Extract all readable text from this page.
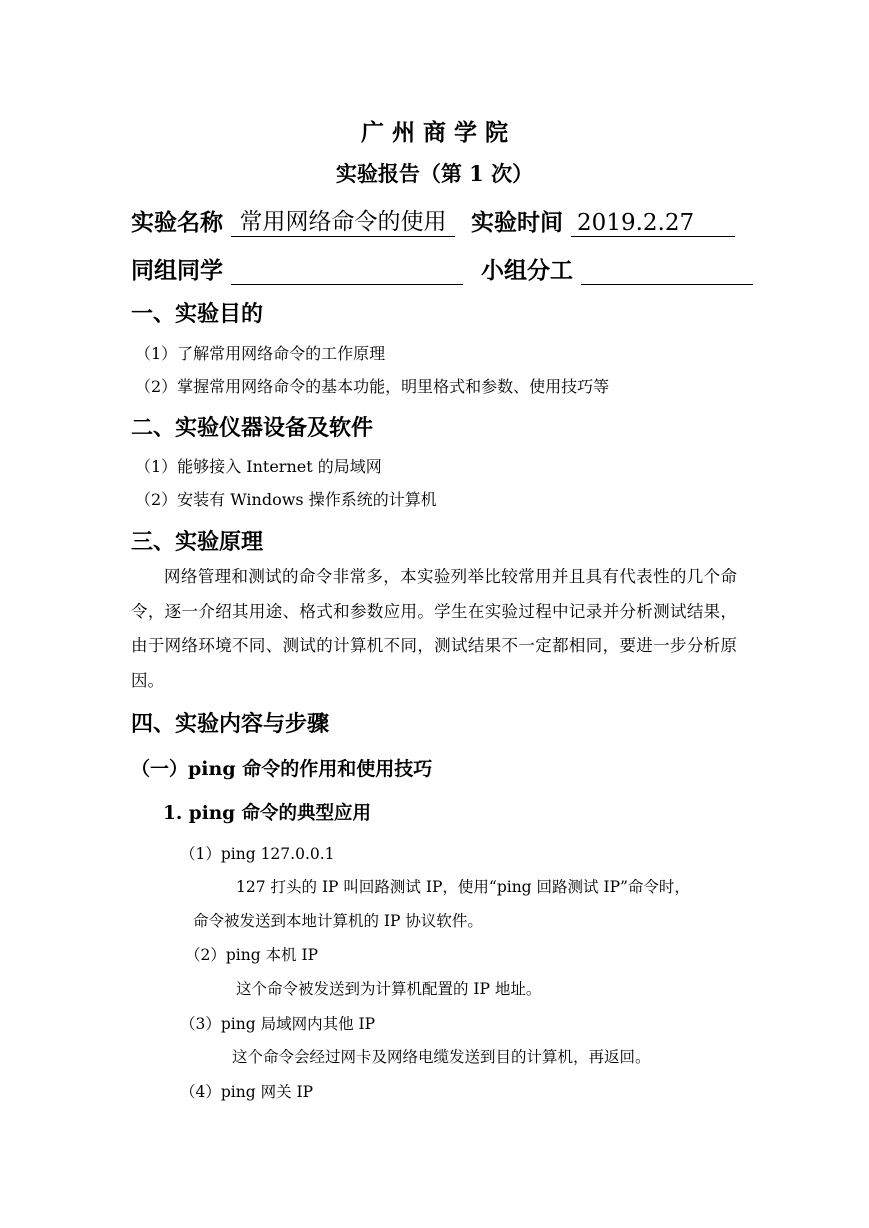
广 州 商 学 院
实验报告（第 1 次）
实验名称 常用网络命令的使用 实验时间 2019.2.27
同组同学	小组分工
一、实验目的
（1）了解常用网络命令的工作原理
（2）掌握常用网络命令的基本功能，明里格式和参数、使用技巧等
二、实验仪器设备及软件
（1）能够接入 Internet 的局域网
（2）安装有 Windows 操作系统的计算机
三、实验原理
网络管理和测试的命令非常多，本实验列举比较常用并且具有代表性的几个命令，逐一介绍其用途、格式和参数应用。学生在实验过程中记录并分析测试结果，由于网络环境不同、测试的计算机不同，测试结果不一定都相同，要进一步分析原因。
四、实验内容与步骤
（一）ping 命令的作用和使用技巧
1. ping 命令的典型应用
（1）ping 127.0.0.1
127 打头的 IP 叫回路测试 IP，使用“ping 回路测试 IP”命令时，
命令被发送到本地计算机的 IP 协议软件。
（2）ping 本机 IP
这个命令被发送到为计算机配置的 IP 地址。
（3）ping 局域网内其他 IP
这个命令会经过网卡及网络电缆发送到目的计算机，再返回。
（4）ping 网关 IP
